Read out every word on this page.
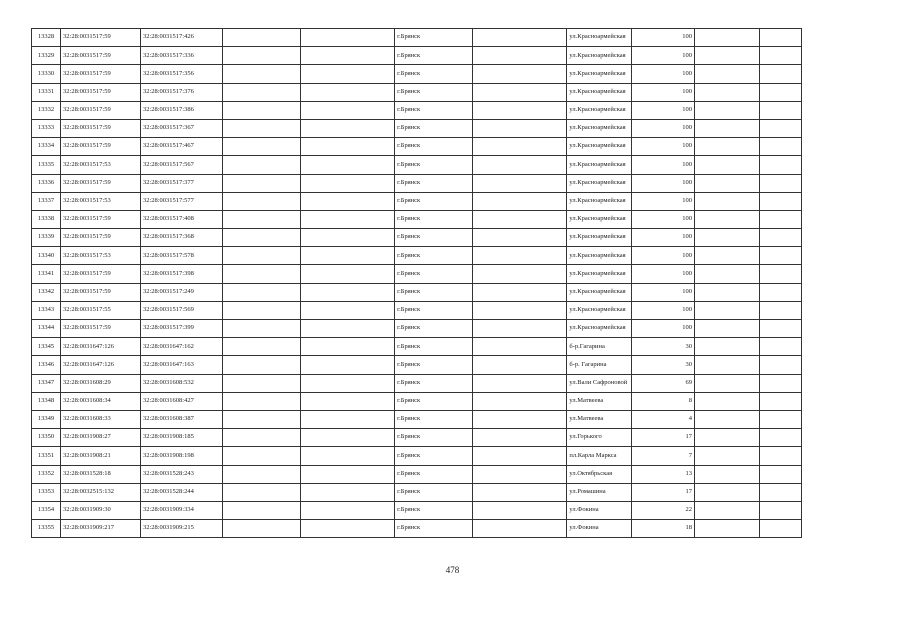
13328	32:28:0031517:59	32:28:0031517:426			г.Брянск		ул.Красноармейская	100		
13329	32:28:0031517:59	32:28:0031517:336			г.Брянск		ул.Красноармейская	100		
13330	32:28:0031517:59	32:28:0031517:356			г.Брянск		ул.Красноармейская	100		
13331	32:28:0031517:59	32:28:0031517:376			г.Брянск		ул.Красноармейская	100		
13332	32:28:0031517:59	32:28:0031517:386			г.Брянск		ул.Красноармейская	100		
13333	32:28:0031517:59	32:28:0031517:367			г.Брянск		ул.Красноармейская	100		
13334	32:28:0031517:59	32:28:0031517:467			г.Брянск		ул.Красноармейская	100		
13335	32:28:0031517:53	32:28:0031517:567			г.Брянск		ул.Красноармейская	100		
13336	32:28:0031517:59	32:28:0031517:377			г.Брянск		ул.Красноармейская	100		
13337	32:28:0031517:53	32:28:0031517:577			г.Брянск		ул.Красноармейская	100		
13338	32:28:0031517:59	32:28:0031517:408			г.Брянск		ул.Красноармейская	100		
13339	32:28:0031517:59	32:28:0031517:368			г.Брянск		ул.Красноармейская	100		
13340	32:28:0031517:53	32:28:0031517:578			г.Брянск		ул.Красноармейская	100		
13341	32:28:0031517:59	32:28:0031517:398			г.Брянск		ул.Красноармейская	100		
13342	32:28:0031517:59	32:28:0031517:249			г.Брянск		ул.Красноармейская	100		
13343	32:28:0031517:55	32:28:0031517:569			г.Брянск		ул.Красноармейская	100		
13344	32:28:0031517:59	32:28:0031517:399			г.Брянск		ул.Красноармейская	100		
13345	32:28:0031647:126	32:28:0031647:162			г.Брянск		б-р.Гагарина	30		
13346	32:28:0031647:126	32:28:0031647:163			г.Брянск		б-р. Гагарина	30		
13347	32:28:0031608:29	32:28:0031608:532			г.Брянск		ул.Вали Сафроновой	69		
13348	32:28:0031608:34	32:28:0031608:427			г.Брянск		ул.Матвеева	8		
13349	32:28:0031608:33	32:28:0031608:387			г.Брянск		ул.Матвеева	4		
13350	32:28:0031908:27	32:28:0031908:185			г.Брянск		ул.Горького	17		
13351	32:28:0031908:21	32:28:0031908:198			г.Брянск		пл.Карла Маркса	7		
13352	32:28:0031528:18	32:28:0031528:243			г.Брянск		ул.Октябрьская	13		
13353	32:28:0032515:132	32:28:0031528:244			г.Брянск		ул.Ромашина	17		
13354	32:28:0031909:30	32:28:0031909:334			г.Брянск		ул.Фокина	22		
13355	32:28:0031909:217	32:28:0031909:215			г.Брянск		ул.Фокина	18		
478
